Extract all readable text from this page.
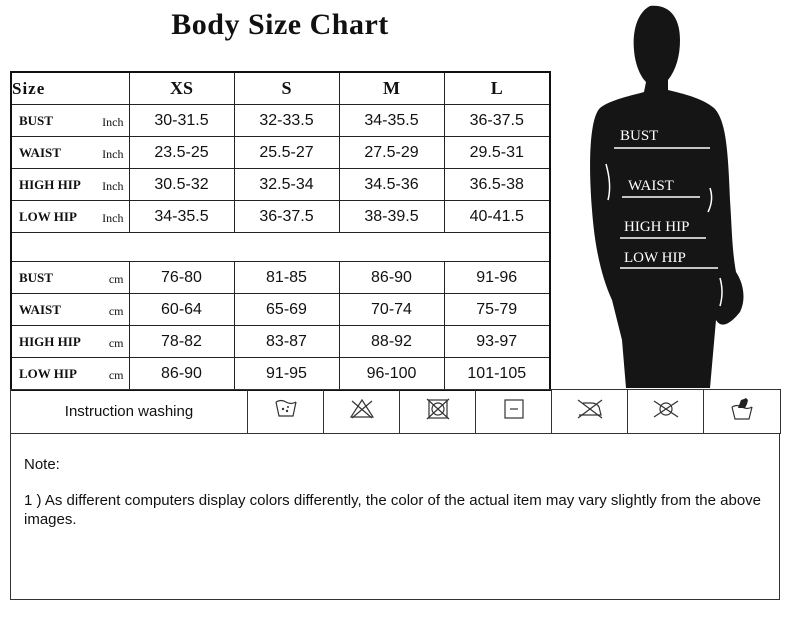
Body Size Chart
Size	XS	S	M	L

BUST Inch	30-31.5	32-33.5	34-35.5	36-37.5

WAIST Inch	23.5-25	25.5-27	27.5-29	29.5-31

HIGH HIP Inch	30.5-32	32.5-34	34.5-36	36.5-38

LOW HIP Inch	34-35.5	36-37.5	38-39.5	40-41.5

BUST cm	76-80	81-85	86-90	91-96

WAIST cm	60-64	65-69	70-74	75-79

HIGH HIP cm	78-82	83-87	88-92	93-97

LOW HIP cm	86-90	91-95	96-100	101-105
BUST
WAIST
HIGH HIP
LOW HIP
Instruction washing							
Note:
1 ) As different computers display colors differently, the color of the actual item may vary slightly from the above images.
